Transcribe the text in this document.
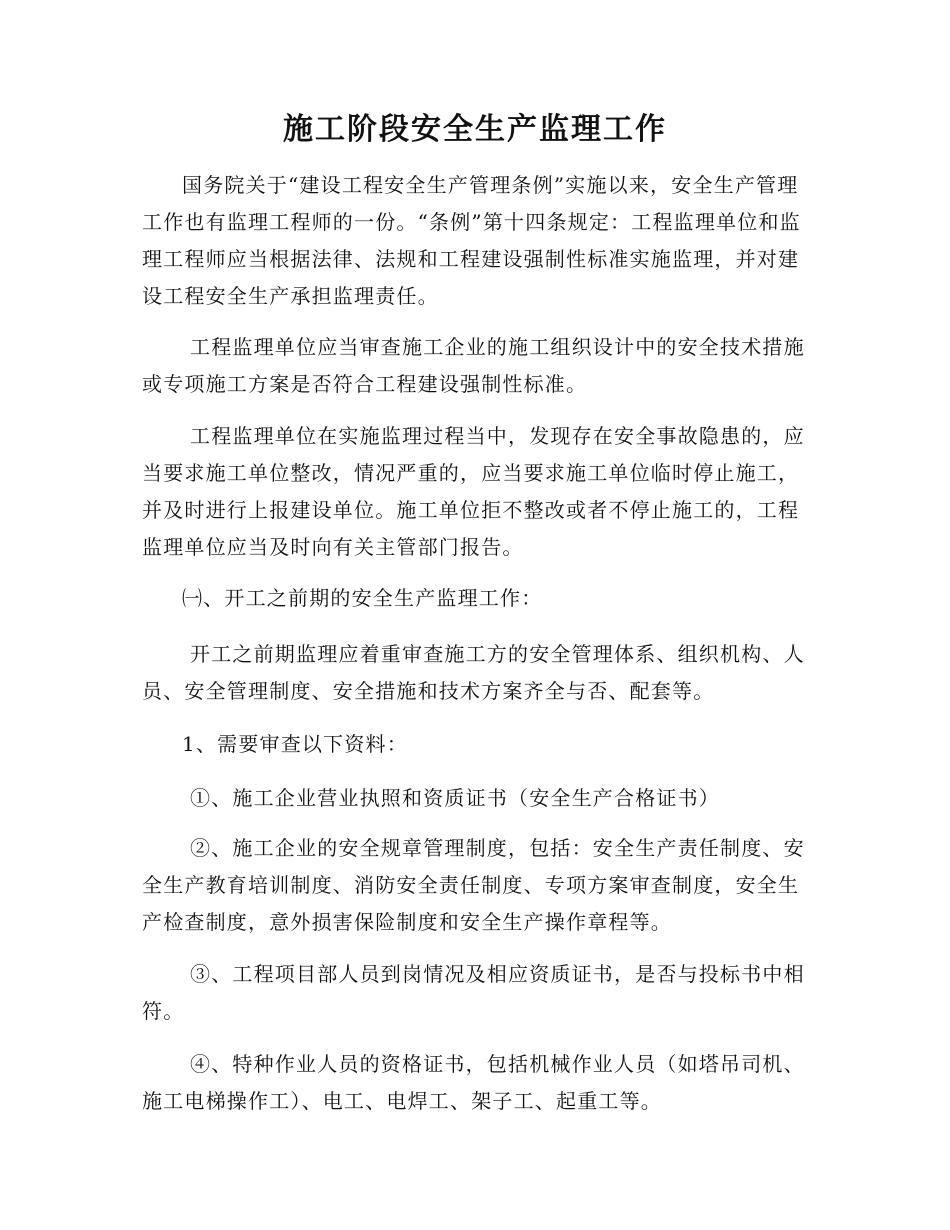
施工阶段安全生产监理工作

国务院关于“建设工程安全生产管理条例”实施以来，安全生产管理工作也有监理工程师的一份。“条例”第十四条规定：工程监理单位和监理工程师应当根据法律、法规和工程建设强制性标准实施监理，并对建设工程安全生产承担监理责任。

工程监理单位应当审查施工企业的施工组织设计中的安全技术措施或专项施工方案是否符合工程建设强制性标准。

工程监理单位在实施监理过程当中，发现存在安全事故隐患的，应当要求施工单位整改，情况严重的，应当要求施工单位临时停止施工，并及时进行上报建设单位。施工单位拒不整改或者不停止施工的，工程监理单位应当及时向有关主管部门报告。

㈠、开工之前期的安全生产监理工作：

开工之前期监理应着重审查施工方的安全管理体系、组织机构、人员、安全管理制度、安全措施和技术方案齐全与否、配套等。

1、需要审查以下资料：

①、施工企业营业执照和资质证书（安全生产合格证书）

②、施工企业的安全规章管理制度，包括：安全生产责任制度、安全生产教育培训制度、消防安全责任制度、专项方案审查制度，安全生产检查制度，意外损害保险制度和安全生产操作章程等。

③、工程项目部人员到岗情况及相应资质证书，是否与投标书中相符。

④、特种作业人员的资格证书，包括机械作业人员（如塔吊司机、施工电梯操作工）、电工、电焊工、架子工、起重工等。
